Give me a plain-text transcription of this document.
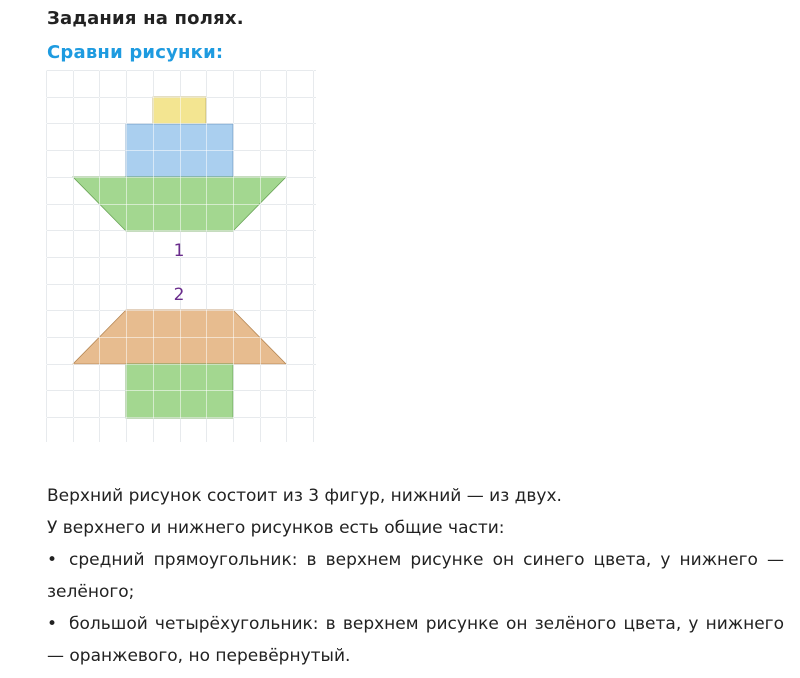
Задания на полях.
Сравни рисунки:
1
2

Верхний рисунок состоит из 3 фигур, нижний — из двух.

У верхнего и нижнего рисунков есть общие части:

• средний прямоугольник: в верхнем рисунке он синего цвета, у нижнего — зелёного;

• большой четырёхугольник: в верхнем рисунке он зелёного цвета, у нижнего — оранжевого, но перевёрнутый.
